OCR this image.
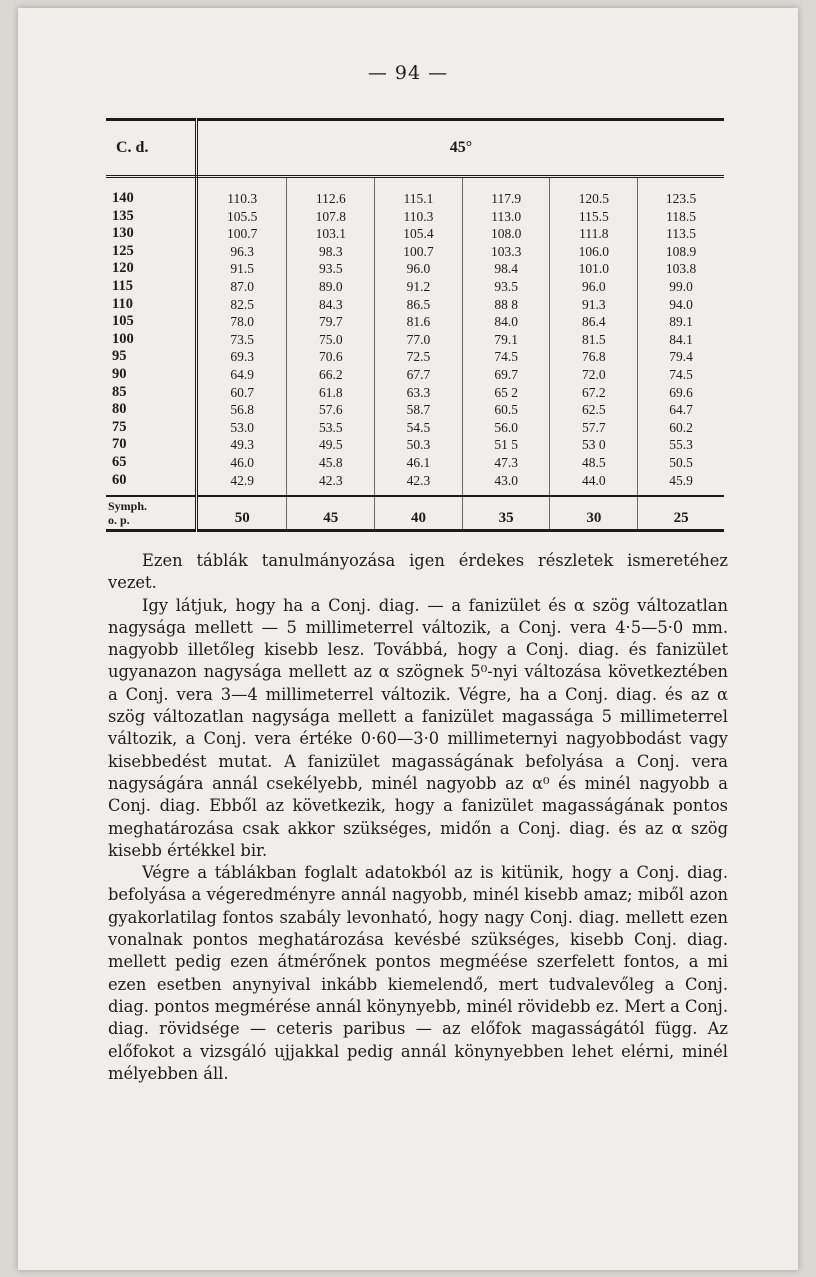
— 94 —
C. d.	45°					
140	110.3	112.6	115.1	117.9	120.5	123.5
135	105.5	107.8	110.3	113.0	115.5	118.5
130	100.7	103.1	105.4	108.0	111.8	113.5
125	96.3	98.3	100.7	103.3	106.0	108.9
120	91.5	93.5	96.0	98.4	101.0	103.8
115	87.0	89.0	91.2	93.5	96.0	99.0
110	82.5	84.3	86.5	88 8	91.3	94.0
105	78.0	79.7	81.6	84.0	86.4	89.1
100	73.5	75.0	77.0	79.1	81.5	84.1
95	69.3	70.6	72.5	74.5	76.8	79.4
90	64.9	66.2	67.7	69.7	72.0	74.5
85	60.7	61.8	63.3	65 2	67.2	69.6
80	56.8	57.6	58.7	60.5	62.5	64.7
75	53.0	53.5	54.5	56.0	57.7	60.2
70	49.3	49.5	50.3	51 5	53 0	55.3
65	46.0	45.8	46.1	47.3	48.5	50.5
60	42.9	42.3	42.3	43.0	44.0	45.9
Symph.
o. p.	50	45	40	35	30	25

Ezen táblák tanulmányozása igen érdekes részletek ismeretéhez vezet.

Igy látjuk, hogy ha a Conj. diag. — a fanizület és α szög változatlan nagysága mellett — 5 millimeterrel változik, a Conj. vera 4·5—5·0 mm. nagyobb illetőleg kisebb lesz. Továbbá, hogy a Conj. diag. és fanizület ugyanazon nagysága mellett az α szögnek 5⁰-nyi változása következtében a Conj. vera 3—4 millimeterrel változik. Végre, ha a Conj. diag. és az α szög változatlan nagysága mellett a fanizület magassága 5 millimeterrel változik, a Conj. vera értéke 0·60—3·0 millimeternyi nagyobbodást vagy kisebbedést mutat. A fanizület magasságának befolyása a Conj. vera nagyságára annál csekélyebb, minél nagyobb az α⁰ és minél nagyobb a Conj. diag. Ebből az következik, hogy a fanizület magasságának pontos meghatározása csak akkor szükséges, midőn a Conj. diag. és az α szög kisebb értékkel bir.

Végre a táblákban foglalt adatokból az is kitünik, hogy a Conj. diag. befolyása a végeredményre annál nagyobb, minél kisebb amaz; miből azon gyakorlatilag fontos szabály levonható, hogy nagy Conj. diag. mellett ezen vonalnak pontos meghatározása kevésbé szükséges, kisebb Conj. diag. mellett pedig ezen átmérőnek pontos megméése szerfelett fontos, a mi ezen esetben anynyival inkább kiemelendő, mert tudvalevőleg a Conj. diag. pontos megmérése annál könynyebb, minél rövidebb ez. Mert a Conj. diag. rövidsége — ceteris paribus — az előfok magasságától függ. Az előfokot a vizsgáló ujjakkal pedig annál könynyebben lehet elérni, minél mélyebben áll.
